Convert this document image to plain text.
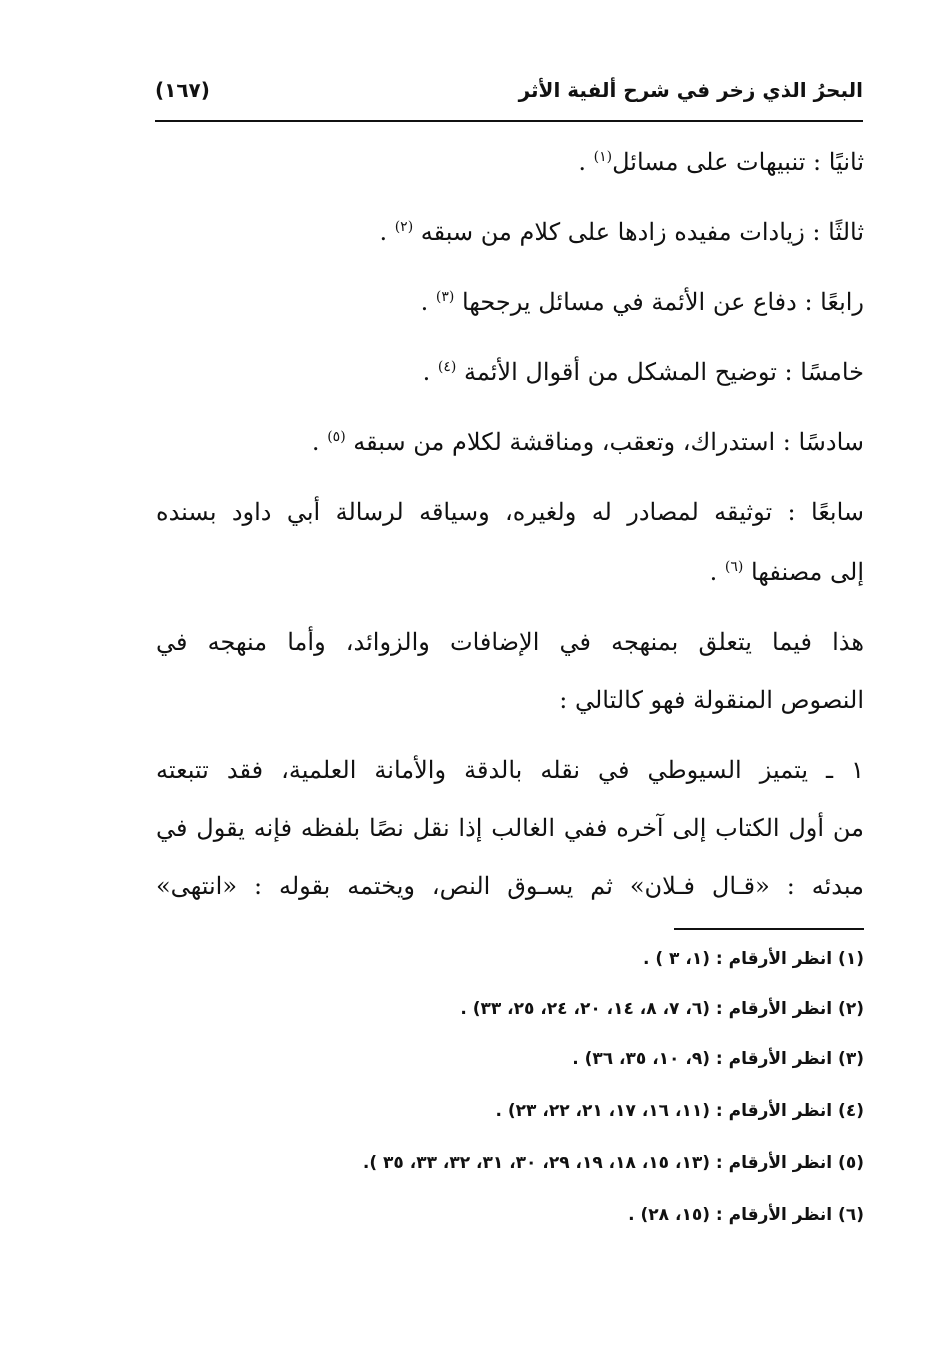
البحرُ الذي زخر في شرح ألفية الأثر
(١٦٧)
ثانيًا : تنبيهات على مسائل$^{(١)}$ .
ثالثًا : زيادات مفيده زادها على كلام من سبقه $^{(٢)}$ .
رابعًا : دفاع عن الأئمة في مسائل يرجحها $^{(٣)}$ .
خامسًا : توضيح المشكل من أقوال الأئمة $^{(٤)}$ .
سادسًا : استدراك، وتعقب، ومناقشة لكلام من سبقه $^{(٥)}$ .
سابعًا : توثيقه لمصادر له ولغيره، وسياقه لرسالة أبي داود بسنده
إلى مصنفها $^{(٦)}$ .
هذا فيما يتعلق بمنهجه في الإضافات والزوائد، وأما منهجه في
النصوص المنقولة فهو كالتالي :
١ ـ يتميز السيوطي في نقله بالدقة والأمانة العلمية، فقد تتبعته
من أول الكتاب إلى آخره ففي الغالب إذا نقل نصًا بلفظه فإنه يقول في
مبدئه : «قـال فـلان» ثم يسـوق النص، ويختمه بقوله : «انتهى»
(١) انظر الأرقام : (١، ٣ ) .
(٢) انظر الأرقام : (٦، ٧، ٨، ١٤، ٢٠، ٢٤، ٢٥، ٣٣) .
(٣) انظر الأرقام : (٩، ١٠، ٣٥، ٣٦) .
(٤) انظر الأرقام : (١١، ١٦، ١٧، ٢١، ٢٢، ٢٣) .
(٥) انظر الأرقام : (١٣، ١٥، ١٨، ١٩، ٢٩، ٣٠، ٣١، ٣٢، ٣٣، ٣٥ ).
(٦) انظر الأرقام : (١٥، ٢٨) .
